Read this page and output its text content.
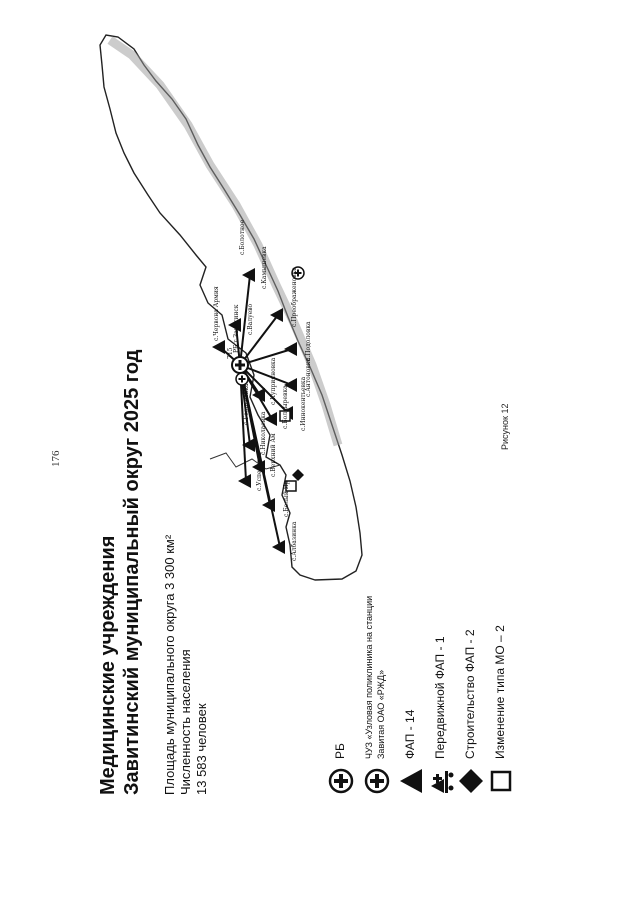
176
Медицинские учреждения Завитинский муниципальный округ 2025 год Площадь муниципального округа 3 300 км² Численность населения 13 583 человек	РБ ЧУЗ «Узловая поликлиника на станции Завитая ОАО «РЖД» ФАП - 14 Передвижной ФАП - 1 Строительство ФАП - 2 Изменение типа МО – 2
РБ г.Завитинск
715
с.Албазинка
с.Белый Яр
с.Успеновка с.Верхний Ам
с.Николаевка
с.Иннокентьевка
с.Болдыревка
с.Куприяновка	с.Антоновка
с.Подоловка
с.Преображеновка
с.Камышевка
с.Валуево
с.Червона Армия
с.Болотное
с.Георгиевка	Рисунок 12
